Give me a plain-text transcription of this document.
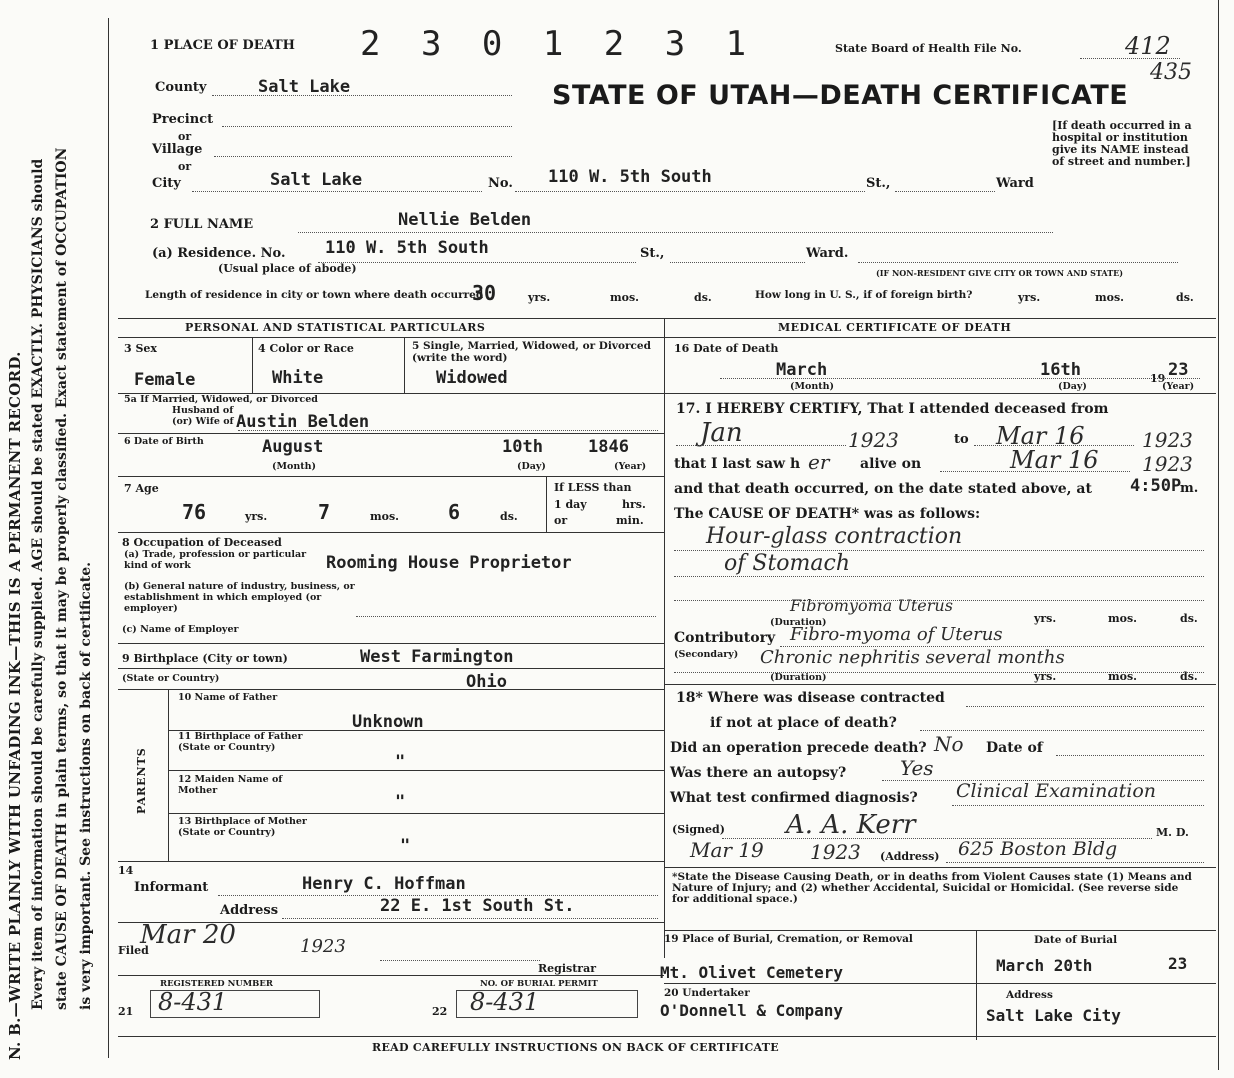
N. B.—WRITE PLAINLY WITH UNFADING INK—THIS IS A PERMANENT RECORD. Every item of information should be carefully supplied. AGE should be stated EXACTLY. PHYSICIANS should state CAUSE OF DEATH in plain terms, so that it may be properly classified. Exact statement of OCCUPATION is very important. See instructions on back of certificate.
1 PLACE OF DEATH 2 3 0 1 2 3 1	State Board of Health File No.	412
435
County	Salt Lake	STATE OF UTAH—DEATH CERTIFICATE
Precinct
or
Village
or
City	Salt Lake	No. 110 W. 5th South	St.,	Ward
[If death occurred in a hospital or institution give its NAME instead of street and number.]
2 FULL NAME	Nellie Belden
(a) Residence. No. 110 W. 5th South	St.,	Ward.
(Usual place of abode)	(IF NON-RESIDENT GIVE CITY OR TOWN AND STATE)
Length of residence in city or town where death occurred
30	yrs.	mos.	ds.	How long in U. S., if of foreign birth?	yrs.	mos.	ds.
PERSONAL AND STATISTICAL PARTICULARS
3 Sex
Female
4 Color or Race
White
5 Single, Married, Widowed, or Divorced (write the word)
Widowed
5a If Married, Widowed, or Divorced
Husband of
(or) Wife of Austin Belden
6 Date of Birth	August	10th	1846
(Month)	(Day)	(Year)
7 Age
76	yrs.	7	mos. 6	ds.
If LESS than
1 day	hrs.
or	min.
8 Occupation of Deceased
(a) Trade, profession or particular kind of work	Rooming House Proprietor
(b) General nature of industry, business, or establishment in which employed (or employer)
(c) Name of Employer
9 Birthplace (City or town)	West Farmington
(State or Country)	Ohio
PARENTS
10 Name of Father
Unknown
11 Birthplace of Father (State or Country)
"
12 Maiden Name of Mother
"
13 Birthplace of Mother (State or Country)
"
14
Informant	Henry C. Hoffman
Address	22 E. 1st South St.
Filed
Mar 20	1923
Registrar
REGISTERED NUMBER
21 8-431
NO. OF BURIAL PERMIT
22 8-431
MEDICAL CERTIFICATE OF DEATH
16 Date of Death
March	16th	19 23
(Month)	(Day)	(Year)
17. I HEREBY CERTIFY, That I attended deceased from
Jan	1923	to Mar 16	1923
that I last saw h er alive on	Mar 16 1923
and that death occurred, on the date stated above, at 4:50P
m.
The CAUSE OF DEATH* was as follows:
Hour-glass contraction
of Stomach
Fibromyoma Uterus
(Duration)	yrs.	mos.	ds.
Contributory Fibro-myoma of Uterus
(Secondary) Chronic nephritis several months
(Duration)	yrs.	mos.	ds.
18* Where was disease contracted
if not at place of death?
Did an operation precede death? No Date of
Was there an autopsy?	Yes
What test confirmed diagnosis? Clinical Examination
(Signed) A. A. Kerr	M. D.
Mar 19 1923 (Address) 625 Boston Bldg
*State the Disease Causing Death, or in deaths from Violent Causes state (1) Means and Nature of Injury; and (2) whether Accidental, Suicidal or Homicidal. (See reverse side for additional space.)
19 Place of Burial, Cremation, or Removal
Mt. Olivet Cemetery
Date of Burial
March 20th	23
20 Undertaker
O'Donnell & Company
Address
Salt Lake City
READ CAREFULLY INSTRUCTIONS ON BACK OF CERTIFICATE
